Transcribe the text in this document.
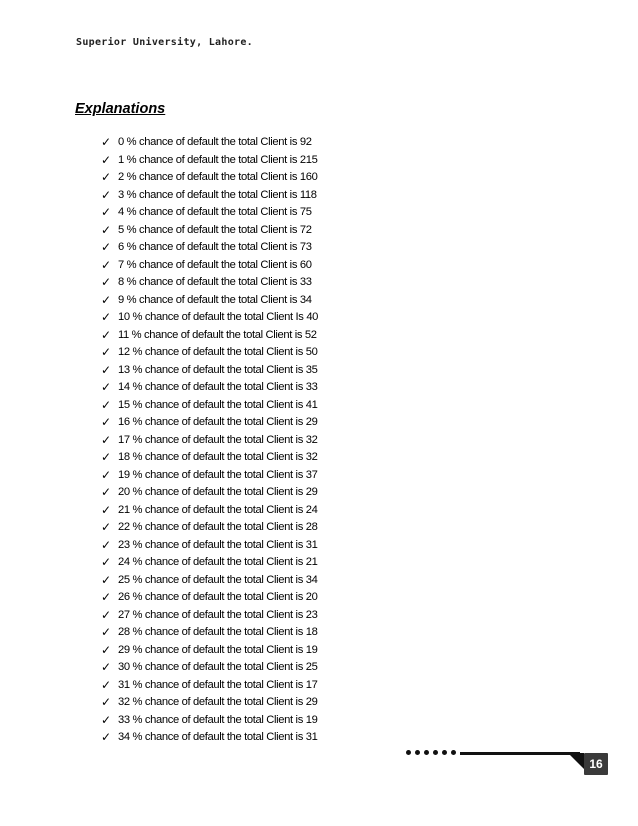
Superior University, Lahore.
Explanations
✓ 0 % chance of default the total Client is 92
✓ 1 % chance of default the total Client is 215
✓ 2 % chance of default the total Client is 160
✓ 3 % chance of default the total Client is 118
✓ 4 % chance of default the total Client is 75
✓ 5 % chance of default the total Client is 72
✓ 6 % chance of default the total Client is 73
✓ 7 % chance of default the total Client is 60
✓ 8 % chance of default the total Client is 33
✓ 9 % chance of default the total Client is 34
✓ 10 % chance of default the total Client Is 40
✓ 11 % chance of default the total Client is 52
✓ 12 % chance of default the total Client is 50
✓ 13 % chance of default the total Client is 35
✓ 14 % chance of default the total Client is 33
✓ 15 % chance of default the total Client is 41
✓ 16 % chance of default the total Client is 29
✓ 17 % chance of default the total Client is 32
✓ 18 % chance of default the total Client is 32
✓ 19 % chance of default the total Client is 37
✓ 20 % chance of default the total Client is 29
✓ 21 % chance of default the total Client is 24
✓ 22 % chance of default the total Client is 28
✓ 23 % chance of default the total Client is 31
✓ 24 % chance of default the total Client is 21
✓ 25 % chance of default the total Client is 34
✓ 26 % chance of default the total Client is 20
✓ 27 % chance of default the total Client is 23
✓ 28 % chance of default the total Client is 18
✓ 29 % chance of default the total Client is 19
✓ 30 % chance of default the total Client is 25
✓ 31 % chance of default the total Client is 17
✓ 32 % chance of default the total Client is 29
✓ 33 % chance of default the total Client is 19
✓ 34 % chance of default the total Client is 31
16
